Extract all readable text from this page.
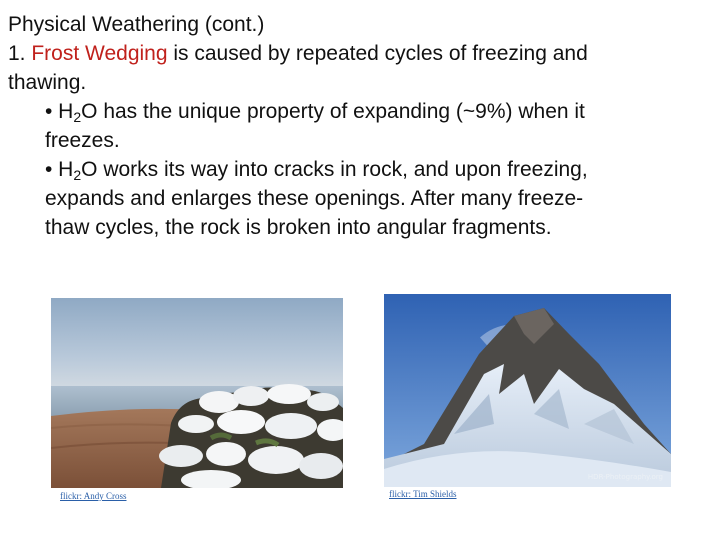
Physical Weathering (cont.)
1. Frost Wedging is caused by repeated cycles of freezing and
thawing.
• $H_2O$ has the unique property of expanding (~9%) when it
freezes.
• $H_2O$ works its way into cracks in rock, and upon freezing,
expands and enlarges these openings. After many freeze-
thaw cycles, the rock is broken into angular fragments.
flickr: Andy Cross
HDR-Photography.org
flickr: Tim Shields
